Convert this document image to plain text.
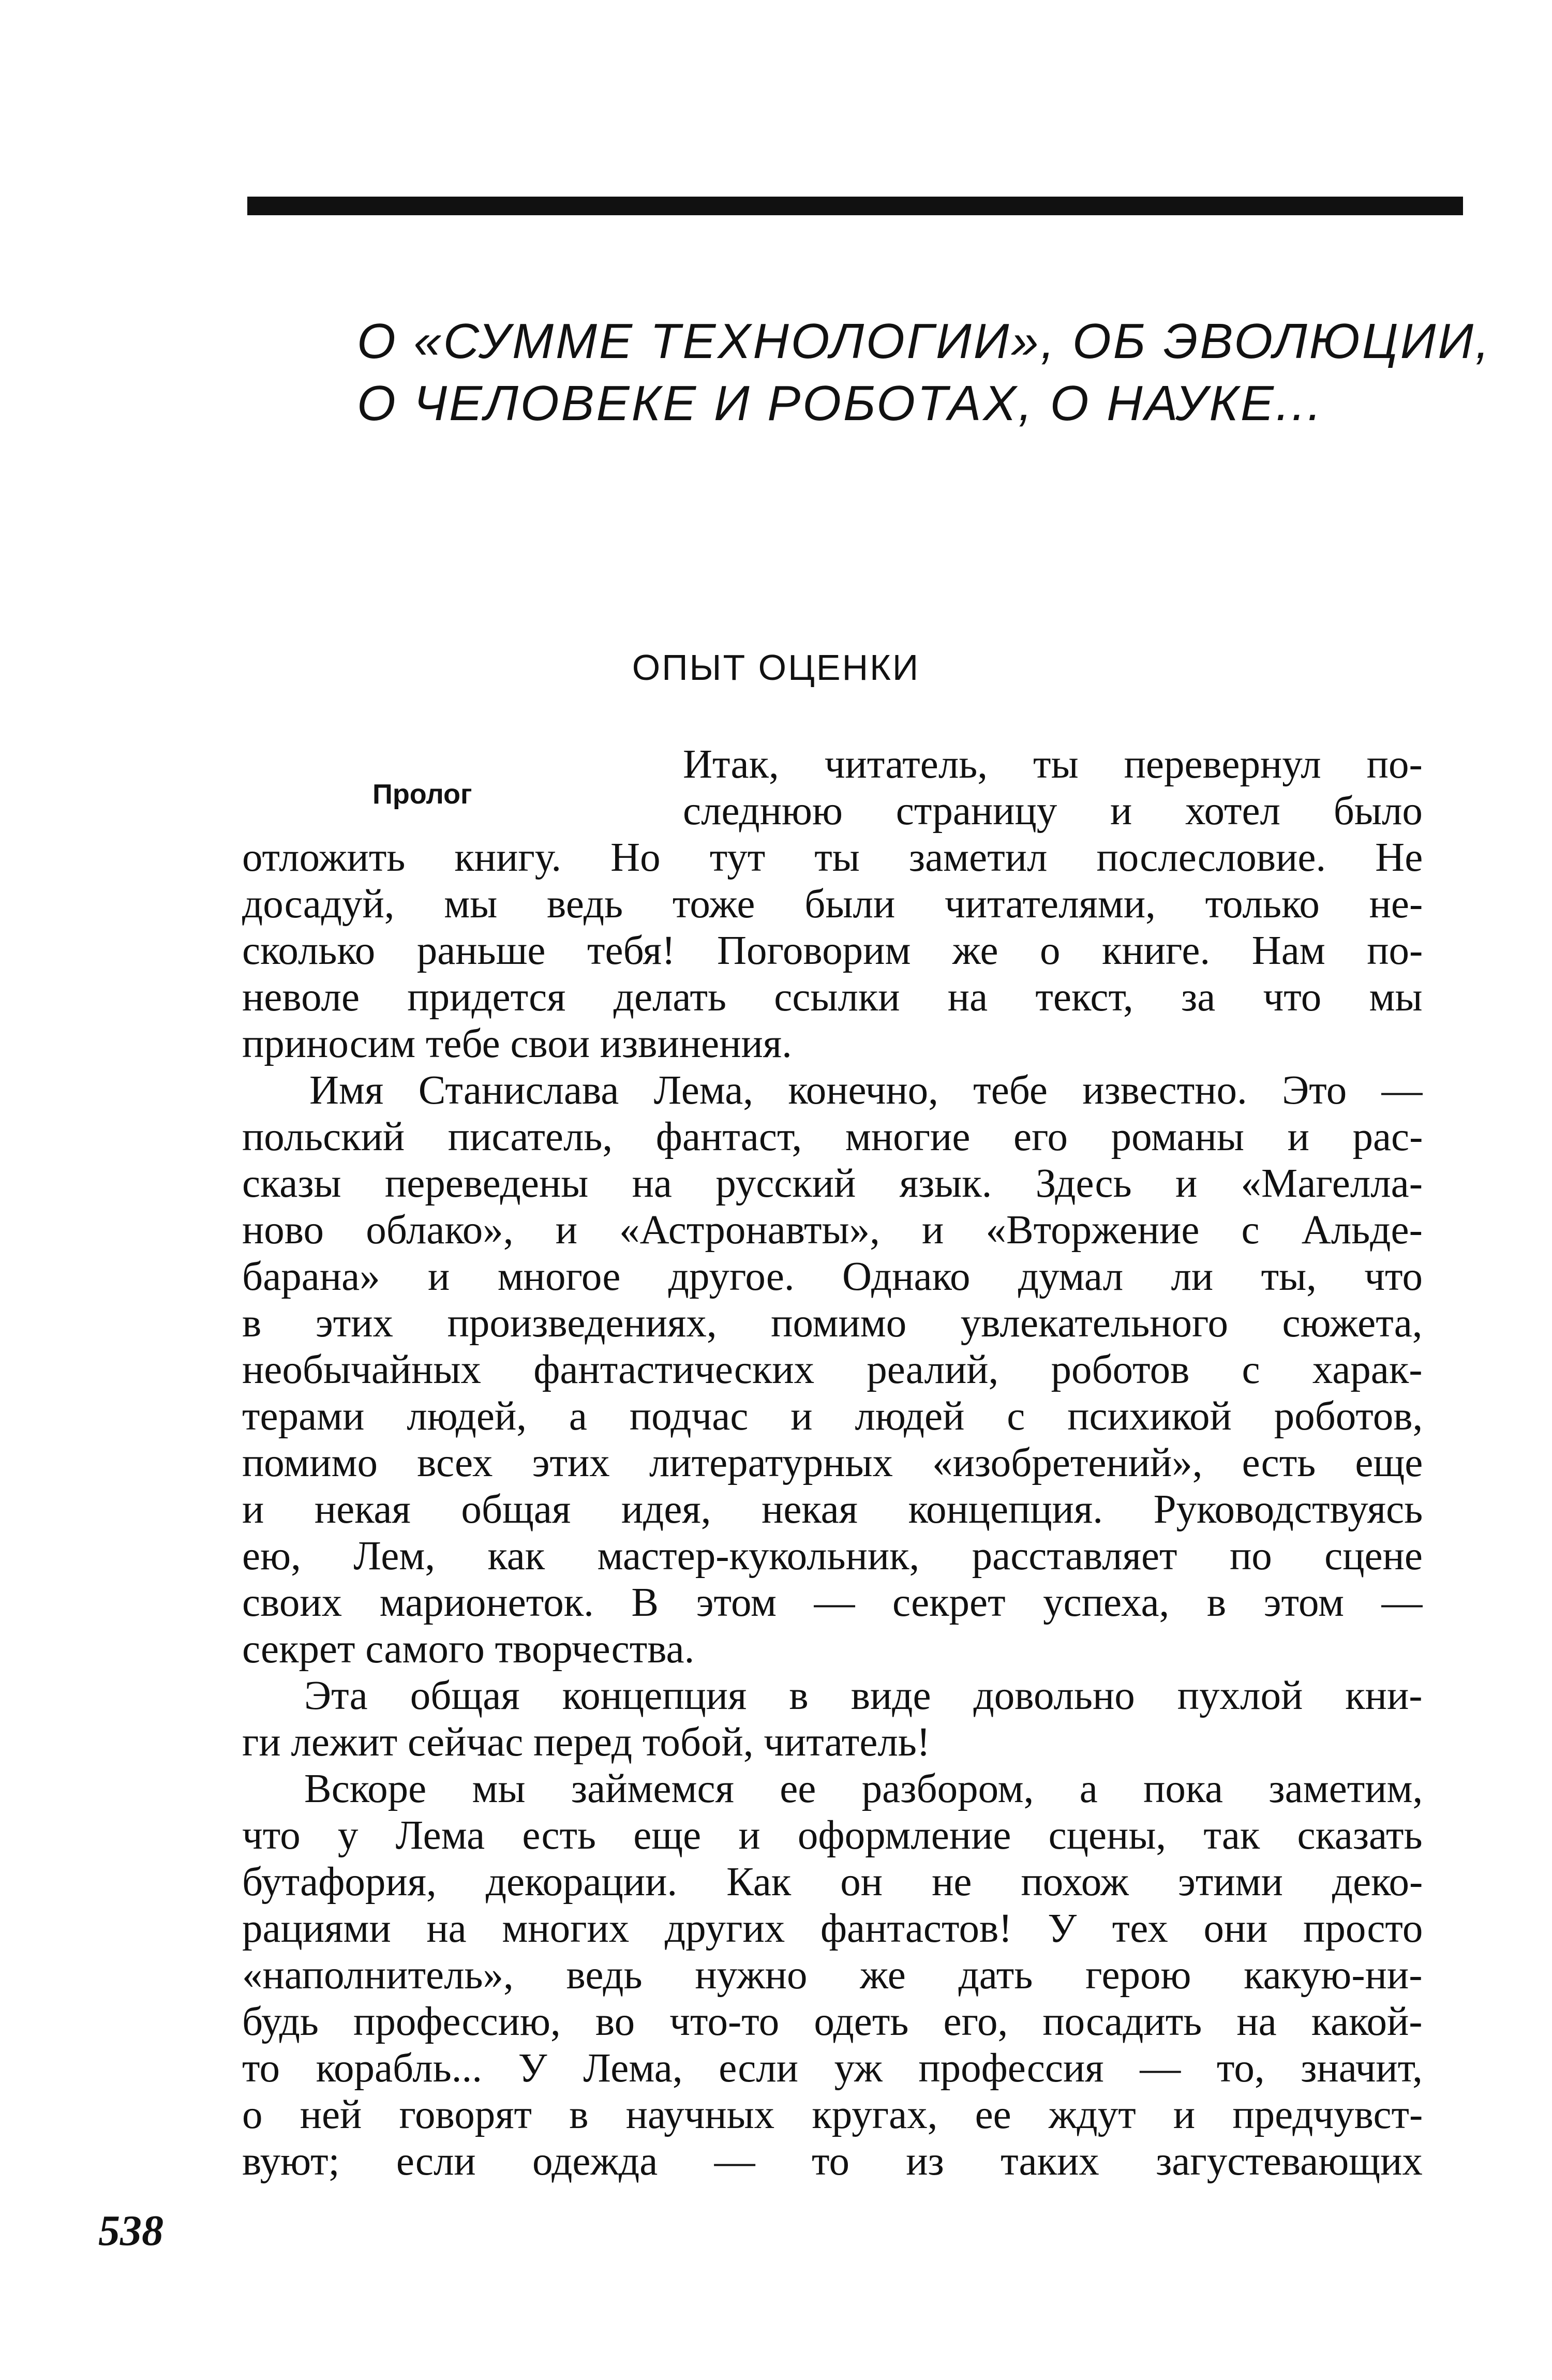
О «СУММЕ ТЕХНОЛОГИИ», ОБ ЭВОЛЮЦИИ,
О ЧЕЛОВЕКЕ И РОБОТАХ, О НАУКЕ...
ОПЫТ ОЦЕНКИ
Пролог
Итак, читатель, ты перевернул по-
следнюю страницу и хотел было
отложить книгу. Но тут ты заметил послесловие. Не
досадуй, мы ведь тоже были читателями, только не-
сколько раньше тебя! Поговорим же о книге. Нам по-
неволе придется делать ссылки на текст, за что мы
приносим тебе свои извинения.
Имя Станислава Лема, конечно, тебе известно. Это —
польский писатель, фантаст, многие его романы и рас-
сказы переведены на русский язык. Здесь и «Магелла-
ново облако», и «Астронавты», и «Вторжение с Альде-
барана» и многое другое. Однако думал ли ты, что
в этих произведениях, помимо увлекательного сюжета,
необычайных фантастических реалий, роботов с харак-
терами людей, а подчас и людей с психикой роботов,
помимо всех этих литературных «изобретений», есть еще
и некая общая идея, некая концепция. Руководствуясь
ею, Лем, как мастер-кукольник, расставляет по сцене
своих марионеток. В этом — секрет успеха, в этом —
секрет самого творчества.
Эта общая концепция в виде довольно пухлой кни-
ги лежит сейчас перед тобой, читатель!
Вскоре мы займемся ее разбором, а пока заметим,
что у Лема есть еще и оформление сцены, так сказать
бутафория, декорации. Как он не похож этими деко-
рациями на многих других фантастов! У тех они просто
«наполнитель», ведь нужно же дать герою какую-ни-
будь профессию, во что-то одеть его, посадить на какой-
то корабль... У Лема, если уж профессия — то, значит,
о ней говорят в научных кругах, ее ждут и предчувст-
вуют; если одежда — то из таких загустевающих
538
